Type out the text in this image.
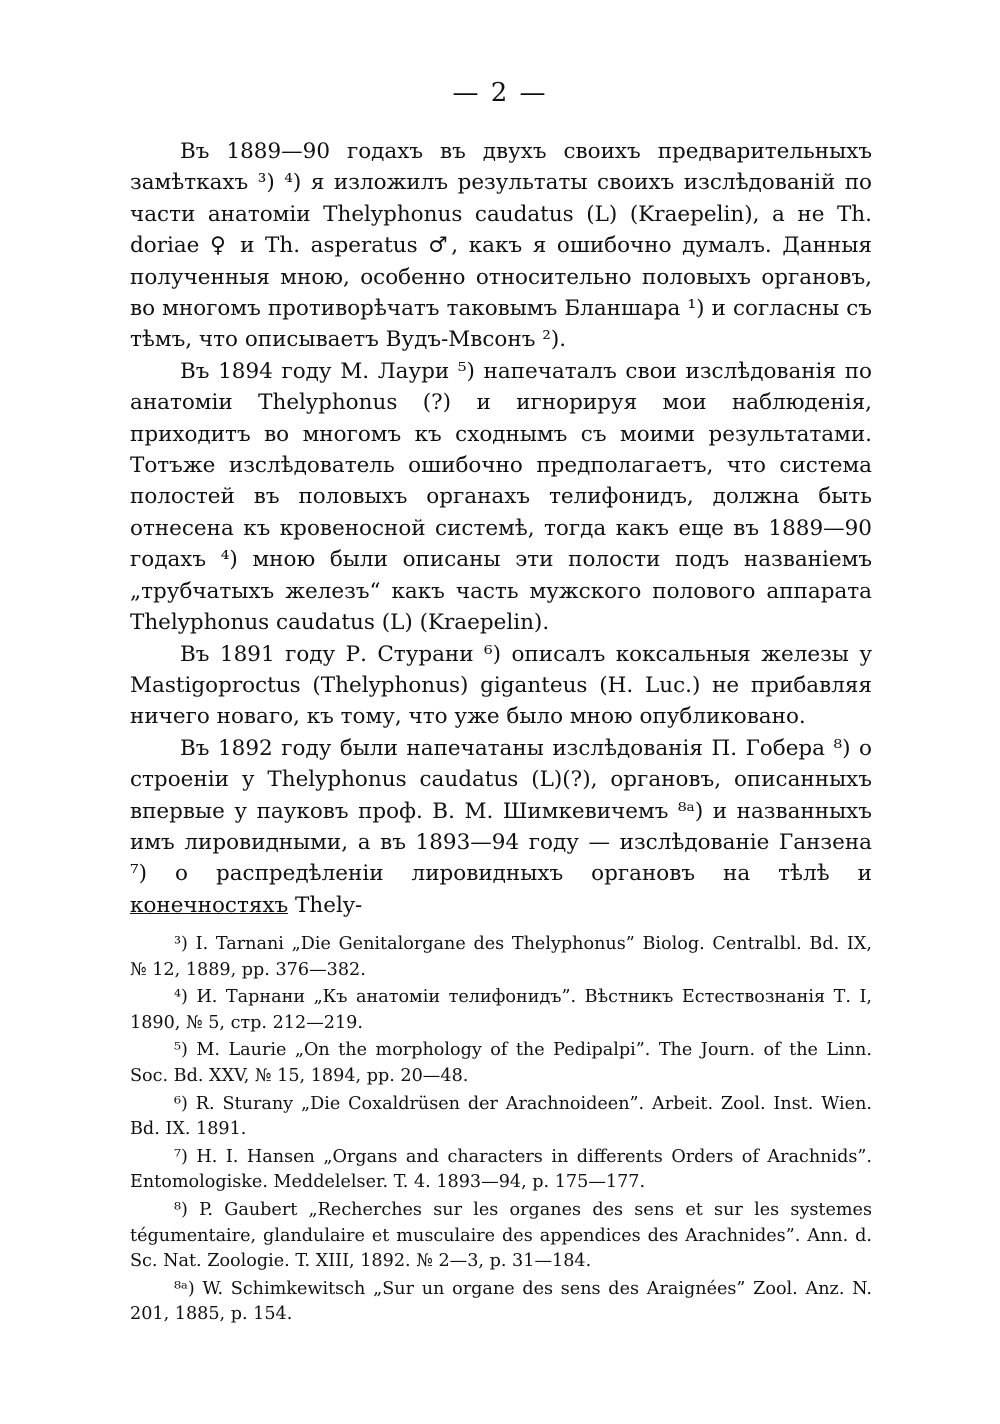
— 2 —

Въ 1889—90 годахъ въ двухъ своихъ предварительныхъ замѣткахъ ³) ⁴) я изложилъ результаты своихъ изслѣдованій по части анатоміи Thelyphonus caudatus (L) (Kraepelin), а не Th. doriae ♀ и Th. asperatus ♂, какъ я ошибочно думалъ. Данныя полученныя мною, особенно относительно половыхъ органовъ, во многомъ противорѣчатъ таковымъ Бланшара ¹) и согласны съ тѣмъ, что описываетъ Вудъ-Мвсонъ ²).

Въ 1894 году М. Лаури ⁵) напечаталъ свои изслѣдованія по анатоміи Thelyphonus (?) и игнорируя мои наблюденія, приходитъ во многомъ къ сходнымъ съ моими результатами. Тотъже изслѣдователь ошибочно предполагаетъ, что система полостей въ половыхъ органахъ телифонидъ, должна быть отнесена къ кровеносной системѣ, тогда какъ еще въ 1889—90 годахъ ⁴) мною были описаны эти полости подъ названіемъ „трубчатыхъ железъ“ какъ часть мужского полового аппарата Thelyphonus caudatus (L) (Kraepelin).

Въ 1891 году Р. Стурани ⁶) описалъ коксальныя железы у Mastigoproctus (Thelyphonus) giganteus (H. Luc.) не прибавляя ничего новаго, къ тому, что уже было мною опубликовано.

Въ 1892 году были напечатаны изслѣдованія П. Гобера ⁸) о строеніи у Thelyphonus caudatus (L)(?), органовъ, описанныхъ впервые у пауковъ проф. В. М. Шимкевичемъ ⁸ᵃ) и названныхъ имъ лировидными, а въ 1893—94 году — изслѣдованіе Ганзена ⁷) о распредѣленіи лировидныхъ органовъ на тѣлѣ и конечностяхъ Thely-

³) I. Tarnani „Die Genitalorgane des Thelyphonus” Biolog. Centralbl. Bd. IX, № 12, 1889, pp. 376—382.

⁴) И. Тарнани „Къ анатоміи телифонидъ”. Вѣстникъ Естествознанія Т. I, 1890, № 5, стр. 212—219.

⁵) M. Laurie „On the morphology of the Pedipalpi”. The Journ. of the Linn. Soc. Bd. XXV, № 15, 1894, pp. 20—48.

⁶) R. Sturany „Die Coxaldrüsen der Arachnoideen”. Arbeit. Zool. Inst. Wien. Bd. IX. 1891.

⁷) H. I. Hansen „Organs and characters in differents Orders of Arachnids”. Entomologiske. Meddelelser. T. 4. 1893—94, p. 175—177.

⁸) P. Gaubert „Recherches sur les organes des sens et sur les systemes tégumentaire, glandulaire et musculaire des appendices des Arachnides”. Ann. d. Sc. Nat. Zoologie. T. XIII, 1892. № 2—3, p. 31—184.

⁸ᵃ) W. Schimkewitsch „Sur un organe des sens des Araignées” Zool. Anz. N. 201, 1885, p. 154.
